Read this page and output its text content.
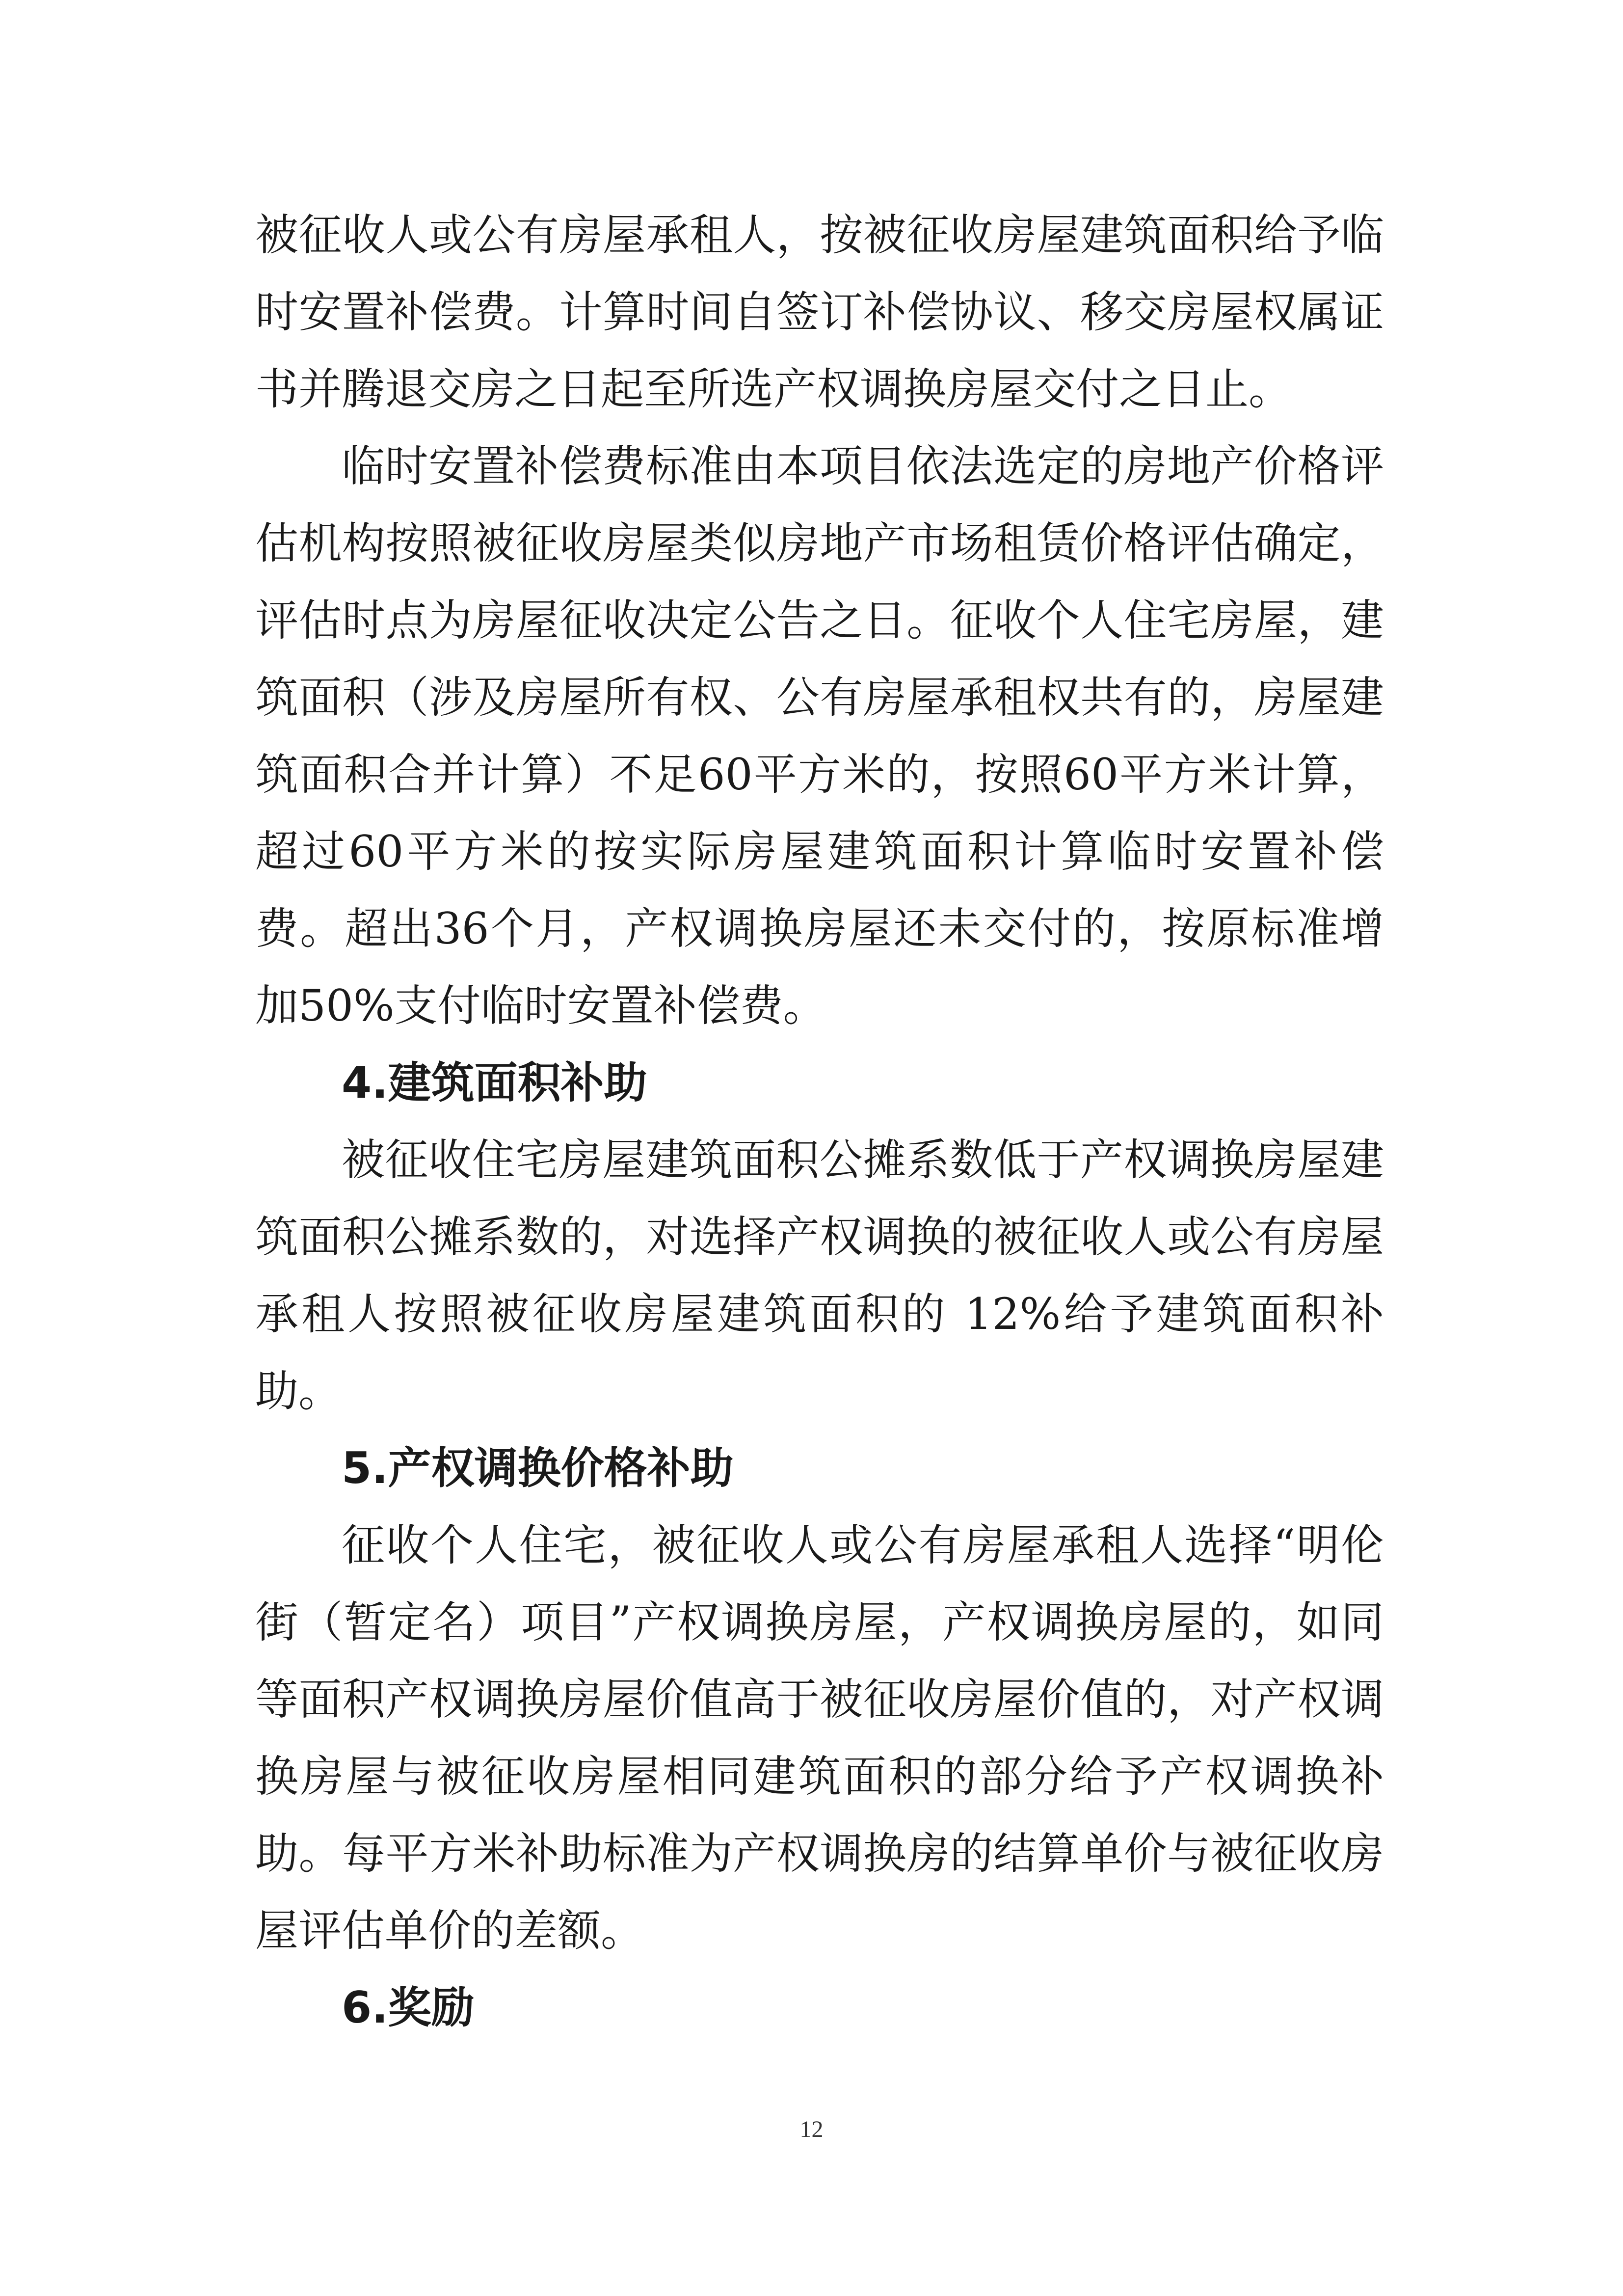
被征收人或公有房屋承租人，按被征收房屋建筑面积给予临时安置补偿费。计算时间自签订补偿协议、移交房屋权属证书并腾退交房之日起至所选产权调换房屋交付之日止。

临时安置补偿费标准由本项目依法选定的房地产价格评估机构按照被征收房屋类似房地产市场租赁价格评估确定，评估时点为房屋征收决定公告之日。征收个人住宅房屋，建筑面积（涉及房屋所有权、公有房屋承租权共有的，房屋建筑面积合并计算）不足60平方米的，按照60平方米计算，超过60平方米的按实际房屋建筑面积计算临时安置补偿费。超出36个月，产权调换房屋还未交付的，按原标准增加50%支付临时安置补偿费。

4.建筑面积补助

被征收住宅房屋建筑面积公摊系数低于产权调换房屋建筑面积公摊系数的，对选择产权调换的被征收人或公有房屋承租人按照被征收房屋建筑面积的 12%给予建筑面积补助。

5.产权调换价格补助

征收个人住宅，被征收人或公有房屋承租人选择“明伦街（暂定名）项目”产权调换房屋，产权调换房屋的，如同等面积产权调换房屋价值高于被征收房屋价值的，对产权调换房屋与被征收房屋相同建筑面积的部分给予产权调换补助。每平方米补助标准为产权调换房的结算单价与被征收房屋评估单价的差额。

6.奖励

12
